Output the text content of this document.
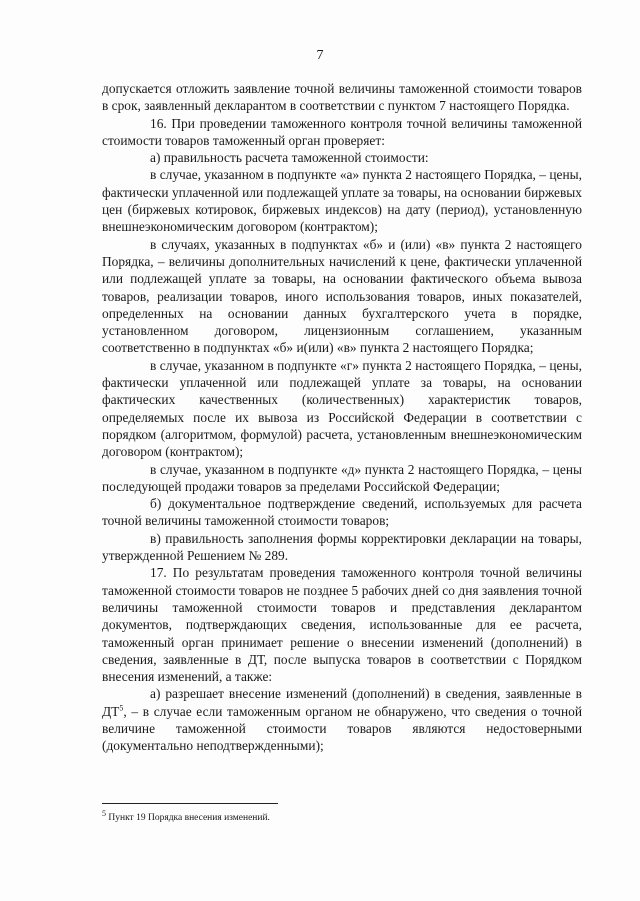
7

допускается отложить заявление точной величины таможенной стоимости товаров в срок, заявленный декларантом в соответствии с пунктом 7 настоящего Порядка.

16. При проведении таможенного контроля точной величины таможенной стоимости товаров таможенный орган проверяет:

а) правильность расчета таможенной стоимости:

в случае, указанном в подпункте «а» пункта 2 настоящего Порядка, – цены, фактически уплаченной или подлежащей уплате за товары, на основании биржевых цен (биржевых котировок, биржевых индексов) на дату (период), установленную внешнеэкономическим договором (контрактом);

в случаях, указанных в подпунктах «б» и (или) «в» пункта 2 настоящего Порядка, – величины дополнительных начислений к цене, фактически уплаченной или подлежащей уплате за товары, на основании фактического объема вывоза товаров, реализации товаров, иного использования товаров, иных показателей, определенных на основании данных бухгалтерского учета в порядке, установленном договором, лицензионным соглашением, указанным соответственно в подпунктах «б» и(или) «в» пункта 2 настоящего Порядка;

в случае, указанном в подпункте «г» пункта 2 настоящего Порядка, – цены, фактически уплаченной или подлежащей уплате за товары, на основании фактических качественных (количественных) характеристик товаров, определяемых после их вывоза из Российской Федерации в соответствии с порядком (алгоритмом, формулой) расчета, установленным внешнеэкономическим договором (контрактом);

в случае, указанном в подпункте «д» пункта 2 настоящего Порядка, – цены последующей продажи товаров за пределами Российской Федерации;

б) документальное подтверждение сведений, используемых для расчета точной величины таможенной стоимости товаров;

в) правильность заполнения формы корректировки декларации на товары, утвержденной Решением № 289.

17. По результатам проведения таможенного контроля точной величины таможенной стоимости товаров не позднее 5 рабочих дней со дня заявления точной величины таможенной стоимости товаров и представления декларантом документов, подтверждающих сведения, использованные для ее расчета, таможенный орган принимает решение о внесении изменений (дополнений) в сведения, заявленные в ДТ, после выпуска товаров в соответствии с Порядком внесения изменений, а также:

а) разрешает внесение изменений (дополнений) в сведения, заявленные в $ДТ^5$, – в случае если таможенным органом не обнаружено, что сведения о точной величине таможенной стоимости товаров являются недостоверными (документально неподтвержденными);

$^5$ Пункт 19 Порядка внесения изменений.
